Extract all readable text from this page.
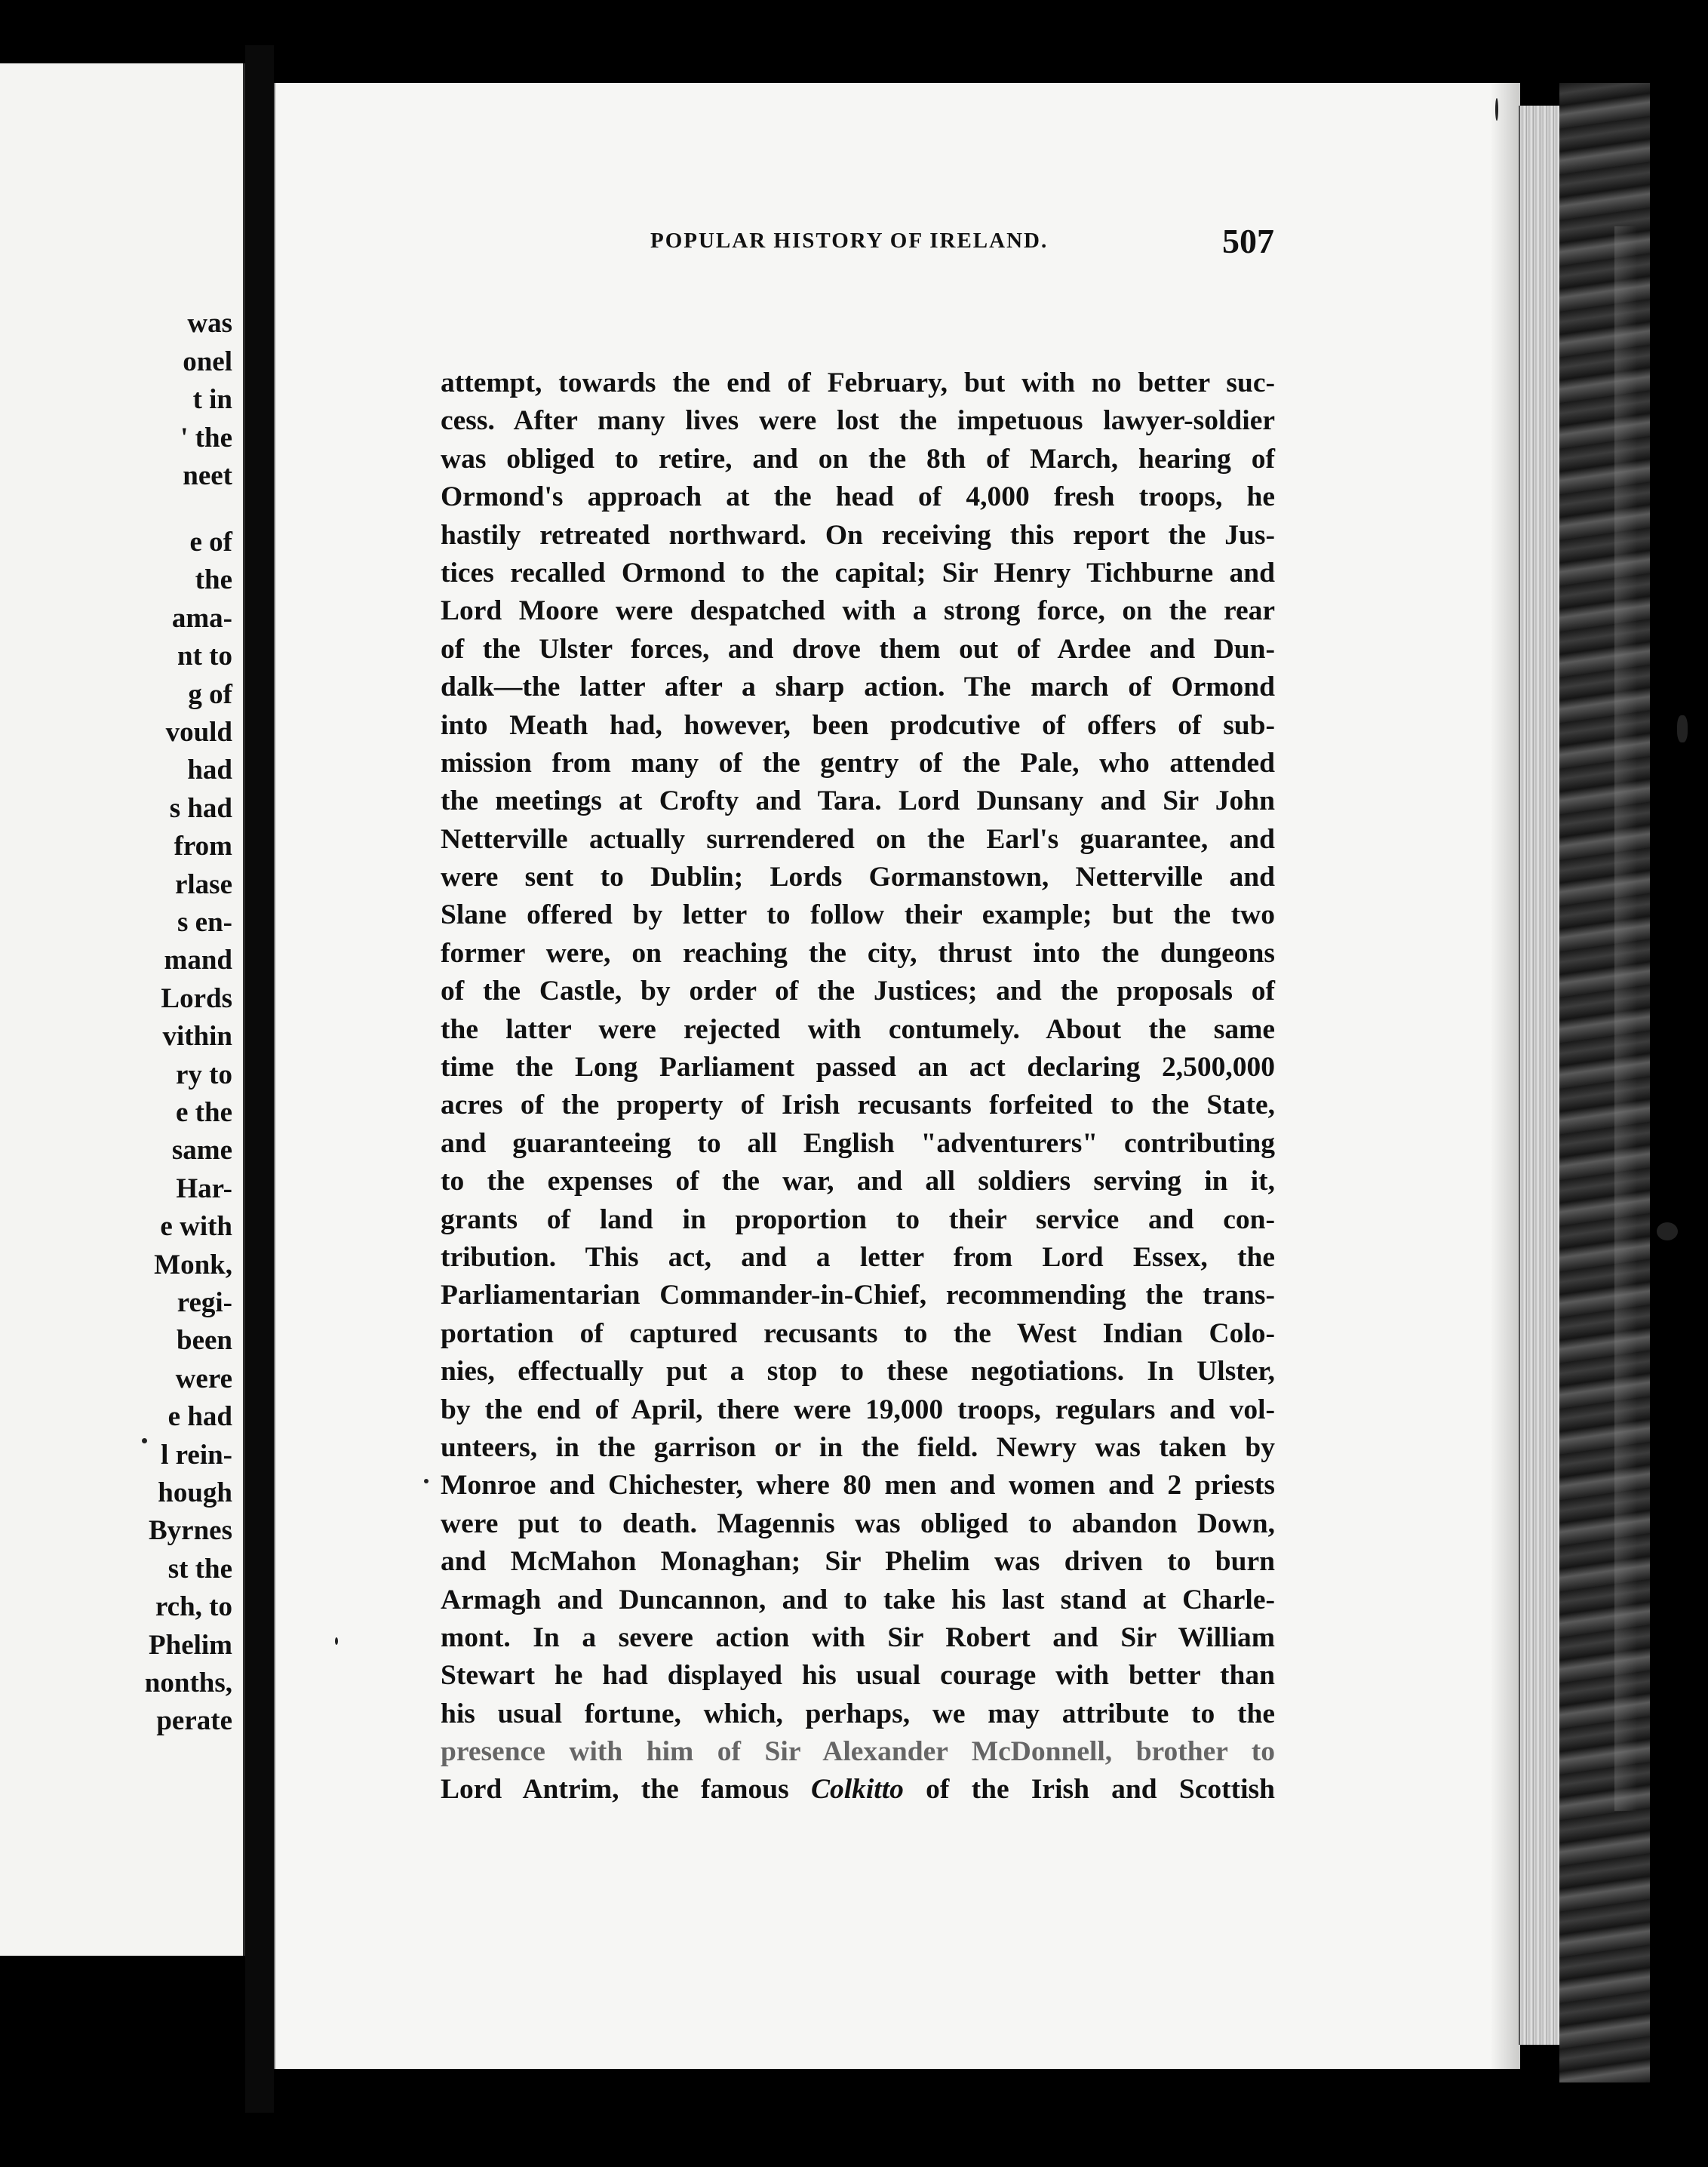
was
onel
t in
' the
neet
e of
the
ama-
nt to
g of
vould
had
s had
from
rlase
s en-
mand
Lords
vithin
ry to
e the
same
Har-
e with
Monk,
regi-
been
were
e had
l rein-
hough
Byrnes
st the
rch, to
Phelim
nonths,
perate
POPULAR HISTORY OF IRELAND.	507
attempt, towards the end of February, but with no better suc-
cess. After many lives were lost the impetuous lawyer-soldier
was obliged to retire, and on the 8th of March, hearing of
Ormond's approach at the head of 4,000 fresh troops, he
hastily retreated northward. On receiving this report the Jus-
tices recalled Ormond to the capital; Sir Henry Tichburne and
Lord Moore were despatched with a strong force, on the rear
of the Ulster forces, and drove them out of Ardee and Dun-
dalk—the latter after a sharp action. The march of Ormond
into Meath had, however, been prodcutive of offers of sub-
mission from many of the gentry of the Pale, who attended
the meetings at Crofty and Tara. Lord Dunsany and Sir John
Netterville actually surrendered on the Earl's guarantee, and
were sent to Dublin; Lords Gormanstown, Netterville and
Slane offered by letter to follow their example; but the two
former were, on reaching the city, thrust into the dungeons
of the Castle, by order of the Justices; and the proposals of
the latter were rejected with contumely. About the same
time the Long Parliament passed an act declaring 2,500,000
acres of the property of Irish recusants forfeited to the State,
and guaranteeing to all English "adventurers" contributing
to the expenses of the war, and all soldiers serving in it,
grants of land in proportion to their service and con-
tribution. This act, and a letter from Lord Essex, the
Parliamentarian Commander-in-Chief, recommending the trans-
portation of captured recusants to the West Indian Colo-
nies, effectually put a stop to these negotiations. In Ulster,
by the end of April, there were 19,000 troops, regulars and vol-
unteers, in the garrison or in the field. Newry was taken by
Monroe and Chichester, where 80 men and women and 2 priests
were put to death. Magennis was obliged to abandon Down,
and McMahon Monaghan; Sir Phelim was driven to burn
Armagh and Duncannon, and to take his last stand at Charle-
mont. In a severe action with Sir Robert and Sir William
Stewart he had displayed his usual courage with better than
his usual fortune, which, perhaps, we may attribute to the
presence with him of Sir Alexander McDonnell, brother to
Lord Antrim, the famous Colkitto of the Irish and Scottish
